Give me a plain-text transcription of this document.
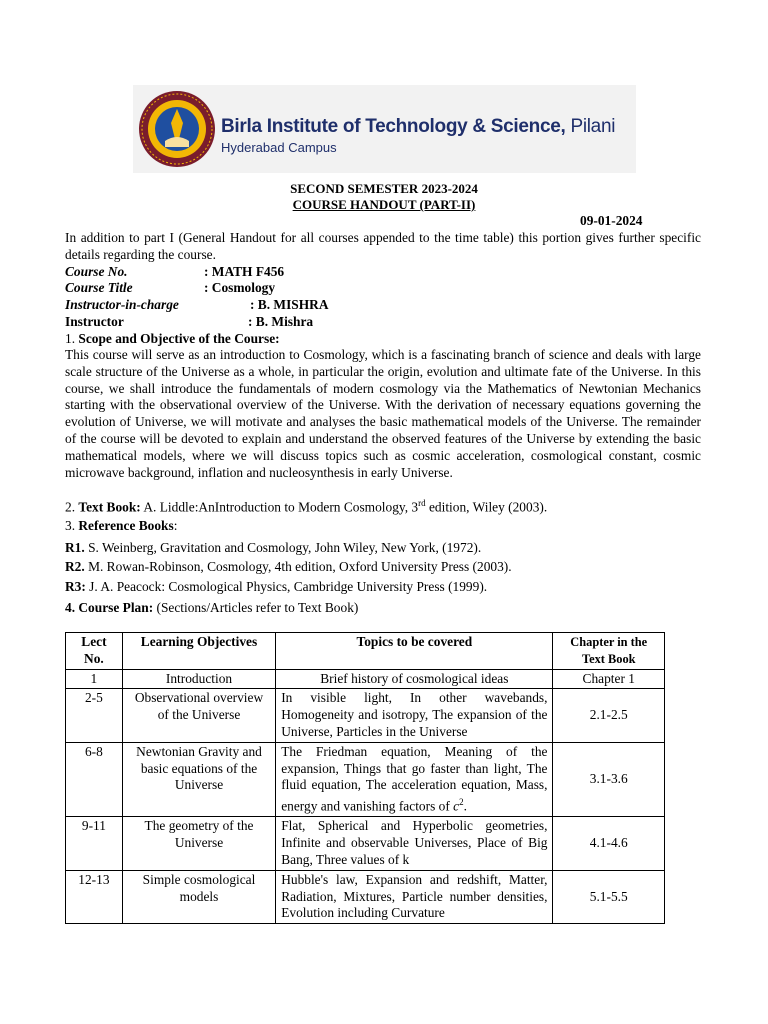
Birla Institute of Technology & Science, Pilani
Hyderabad Campus
SECOND SEMESTER 2023-2024
COURSE HANDOUT (PART-II)
09-01-2024
In addition to part I (General Handout for all courses appended to the time table) this portion gives further specific details regarding the course.
Course No.	: MATH F456
Course Title	: Cosmology
Instructor-in-charge	: B. MISHRA
Instructor	: B. Mishra
1. Scope and Objective of the Course:
This course will serve as an introduction to Cosmology, which is a fascinating branch of science and deals with large scale structure of the Universe as a whole, in particular the origin, evolution and ultimate fate of the Universe. In this course, we shall introduce the fundamentals of modern cosmology via the Mathematics of Newtonian Mechanics starting with the observational overview of the Universe. With the derivation of necessary equations governing the evolution of Universe, we will motivate and analyses the basic mathematical models of the Universe. The remainder of the course will be devoted to explain and understand the observed features of the Universe by extending the basic mathematical models, where we will discuss topics such as cosmic acceleration, cosmological constant, cosmic microwave background, inflation and nucleosynthesis in early Universe.
2. Text Book: A. Liddle:AnIntroduction to Modern Cosmology, 3rd edition, Wiley (2003).
3. Reference Books:
R1. S. Weinberg, Gravitation and Cosmology, John Wiley, New York, (1972).
R2. M. Rowan-Robinson, Cosmology, 4th edition, Oxford University Press (2003).
R3: J. A. Peacock: Cosmological Physics, Cambridge University Press (1999).
4. Course Plan: (Sections/Articles refer to Text Book)
Lect No.	Learning Objectives	Topics to be covered	Chapter in the Text Book
1	Introduction	Brief history of cosmological ideas	Chapter 1
2-5	Observational overview of the Universe	In visible light, In other wavebands, Homogeneity and isotropy, The expansion of the Universe, Particles in the Universe	2.1-2.5
6-8	Newtonian Gravity and basic equations of the Universe	The Friedman equation, Meaning of the expansion, Things that go faster than light, The fluid equation, The acceleration equation, Mass, energy and vanishing factors of $c^2$.	3.1-3.6
9-11	The geometry of the Universe	Flat, Spherical and Hyperbolic geometries, Infinite and observable Universes, Place of Big Bang, Three values of k	4.1-4.6
12-13	Simple cosmological models	Hubble's law, Expansion and redshift, Matter, Radiation, Mixtures, Particle number densities, Evolution including Curvature	5.1-5.5
